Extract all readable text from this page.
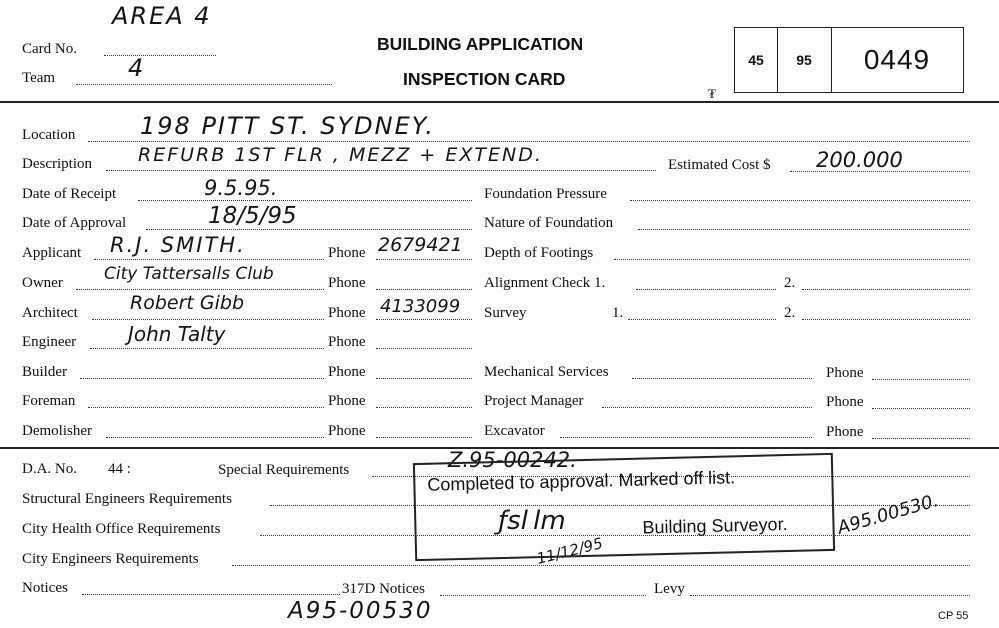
AREA 4
Card No.
Team	4
BUILDING APPLICATION
INSPECTION CARD
45	95	0449
₮
Location	198 PITT ST. SYDNEY.
Description REFURB 1ST FLR , MEZZ + EXTEND.	Estimated Cost $ 200.000
Date of Receipt	9.5.95.	Foundation Pressure
Date of Approval	18/5/95	Nature of Foundation
Applicant R.J. SMITH.	Phone 2679421 Depth of Footings
Owner City Tattersalls Club	Phone	Alignment Check 1.	2.
Architect	Robert Gibb	Phone 4133099 Survey	1.	2.
Engineer	John Talty	Phone
Builder	Phone	Mechanical Services	Phone
Foreman	Phone	Project Manager	Phone
Demolisher	Phone	Excavator	Phone
D.A. No. 44 :	Special Requirements	Z.95-00242.
Structural Engineers Requirements
City Health Office Requirements
City Engineers Requirements
Notices	317D Notices	Levy
A95-00530	CP 55
Completed to approval. Marked off list.
Building Surveyor.
ƒsl lm
11/12/95
A95.00530.
